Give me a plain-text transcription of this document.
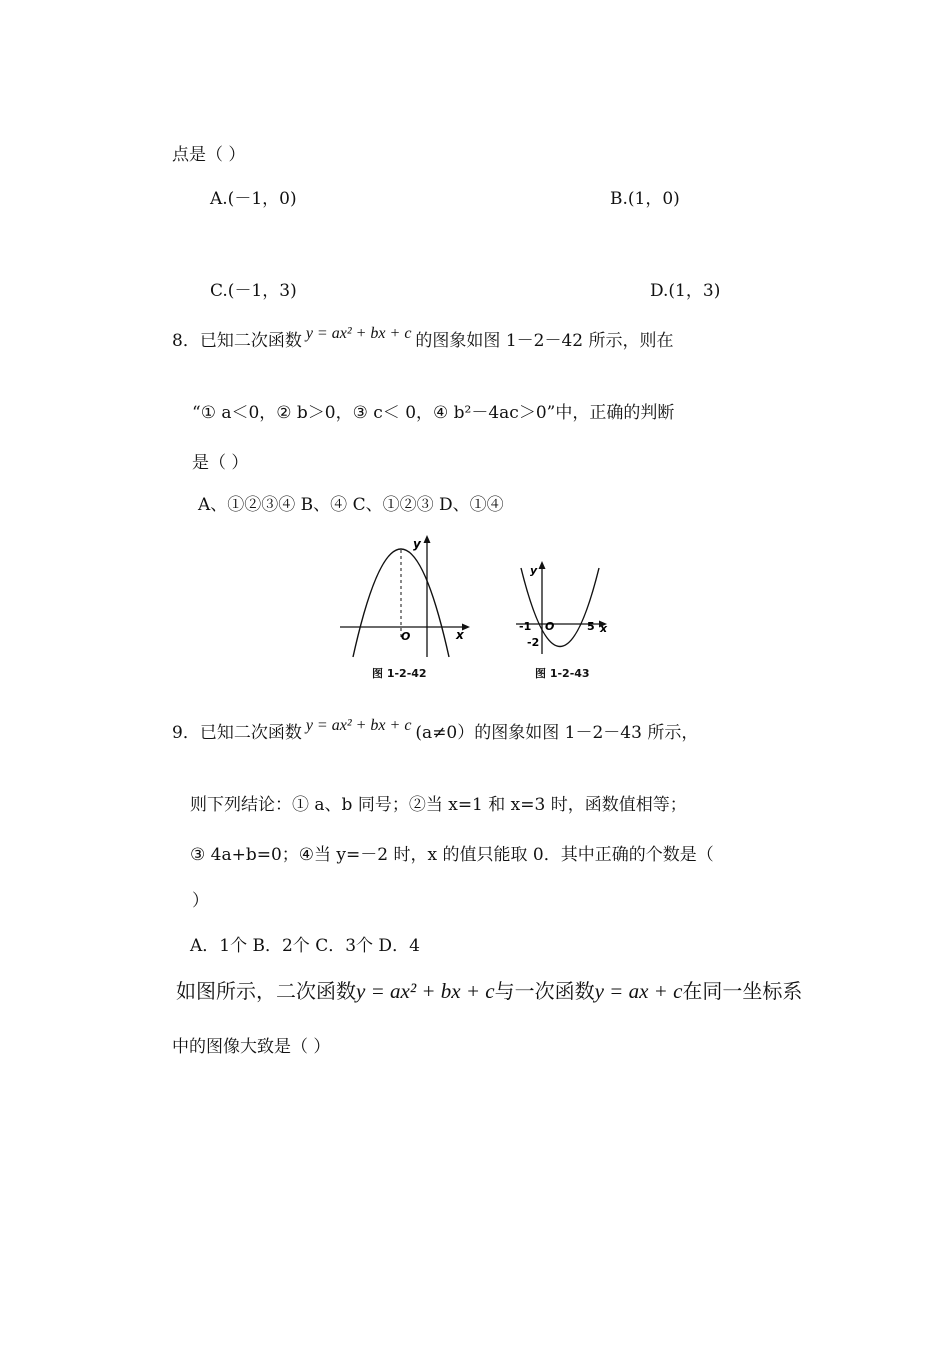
点是（ ）
A.(－1，0)	B.(1，0)
C.(－1，3)	D.(1，3)
8．已知二次函数 y = ax² + bx + c 的图象如图 1－2－42 所示，则在
“① a＜0，② b＞0，③ c＜ 0，④ b²－4ac＞0”中，正确的判断
是（ ）
A、①②③④ B、④ C、①②③ D、①④
y
x
O
图 1-2-42
y
x
-1 O	5
-2
图 1-2-43
9．已知二次函数 y = ax² + bx + c (a≠0）的图象如图 1－2－43 所示，
则下列结论：① a、b 同号；②当 x=1 和 x=3 时，函数值相等；
③ 4a+b=0；④当 y=－2 时，x 的值只能取 0．其中正确的个数是（
）
A．1个 B．2个 C．3个 D．4
如图所示，二次函数y = ax² + bx + c与一次函数y = ax + c在同一坐标系
中的图像大致是（ ）
